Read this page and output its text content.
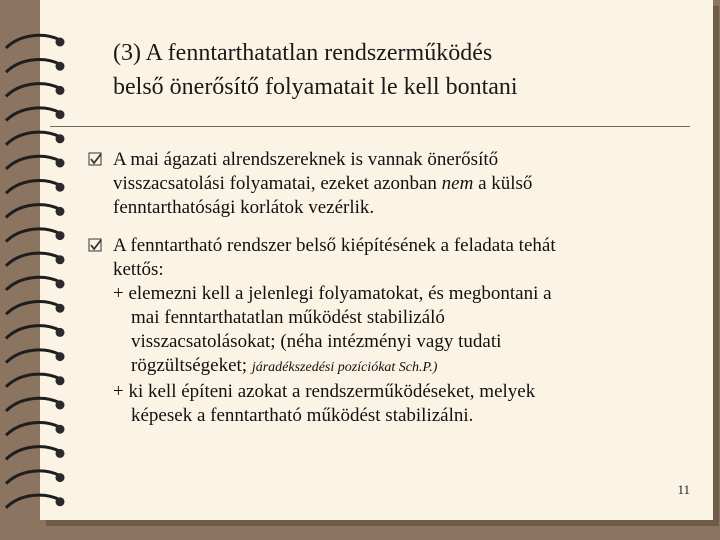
(3) A fenntarthatatlan rendszerműködés
belső önerősítő folyamatait le kell bontani
A mai ágazati alrendszereknek is vannak önerősítő
visszacsatolási folyamatai, ezeket azonban nem a külső
fenntarthatósági korlátok vezérlik.
A fenntartható rendszer belső kiépítésének a feladata tehát
kettős:
+ elemezni kell a jelenlegi folyamatokat, és megbontani a
mai fenntarthatatlan működést stabilizáló
visszacsatolásokat; (néha intézményi vagy tudati
rögzültségeket; járadékszedési pozíciókat Sch.P.)
+ ki kell építeni azokat a rendszerműködéseket, melyek
képesek a fenntartható működést stabilizálni.
11
